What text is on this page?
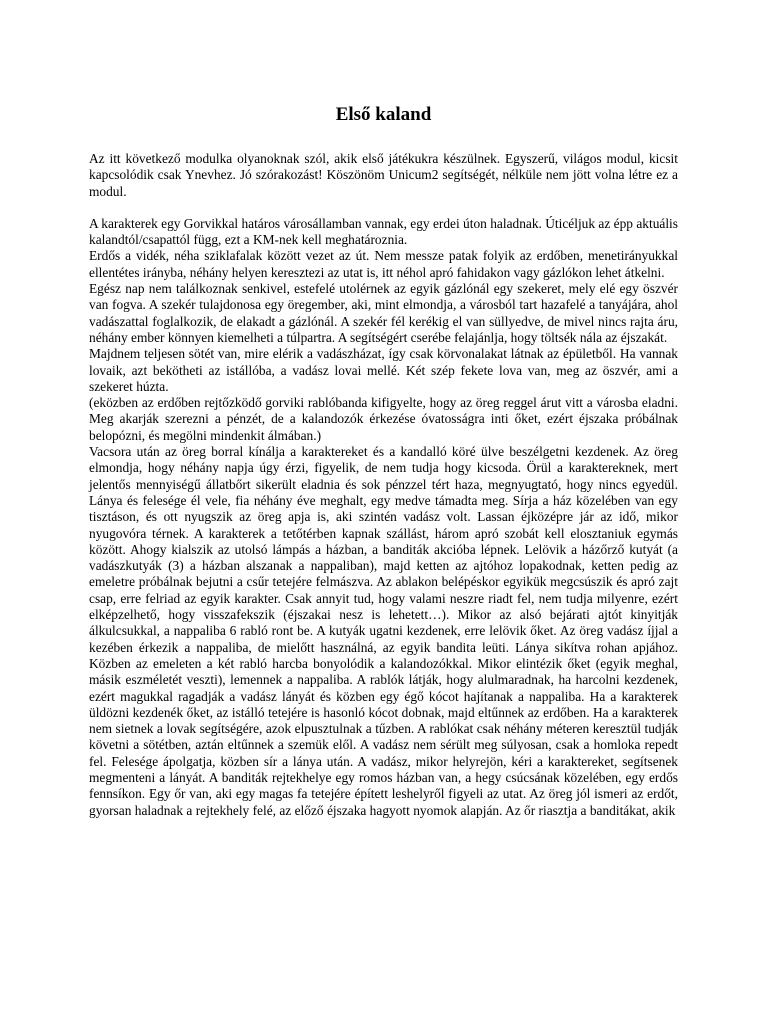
Első kaland

Az itt következő modulka olyanoknak szól, akik első játékukra készülnek. Egyszerű, világos modul, kicsit kapcsolódik csak Ynevhez. Jó szórakozást! Köszönöm Unicum2 segítségét, nélküle nem jött volna létre ez a modul.

A karakterek egy Gorvikkal határos városállamban vannak, egy erdei úton haladnak. Úticéljuk az épp aktuális kalandtól/csapattól függ, ezt a KM-nek kell meghatároznia.

Erdős a vidék, néha sziklafalak között vezet az út. Nem messze patak folyik az erdőben, menetirányukkal ellentétes irányba, néhány helyen keresztezi az utat is, itt néhol apró fahidakon vagy gázlókon lehet átkelni.

Egész nap nem találkoznak senkivel, estefelé utolérnek az egyik gázlónál egy szekeret, mely elé egy öszvér van fogva. A szekér tulajdonosa egy öregember, aki, mint elmondja, a városból tart hazafelé a tanyájára, ahol vadászattal foglalkozik, de elakadt a gázlónál. A szekér fél kerékig el van süllyedve, de mivel nincs rajta áru, néhány ember könnyen kiemelheti a túlpartra. A segítségért cserébe felajánlja, hogy töltsék nála az éjszakát.

Majdnem teljesen sötét van, mire elérik a vadászházat, így csak körvonalakat látnak az épületből. Ha vannak lovaik, azt bekötheti az istállóba, a vadász lovai mellé. Két szép fekete lova van, meg az öszvér, ami a szekeret húzta.

(eközben az erdőben rejtőzködő gorviki rablóbanda kifigyelte, hogy az öreg reggel árut vitt a városba eladni. Meg akarják szerezni a pénzét, de a kalandozók érkezése óvatosságra inti őket, ezért éjszaka próbálnak belopózni, és megölni mindenkit álmában.)

Vacsora után az öreg borral kínálja a karaktereket és a kandalló köré ülve beszélgetni kezdenek. Az öreg elmondja, hogy néhány napja úgy érzi, figyelik, de nem tudja hogy kicsoda. Örül a karaktereknek, mert jelentős mennyiségű állatbőrt sikerült eladnia és sok pénzzel tért haza, megnyugtató, hogy nincs egyedül. Lánya és felesége él vele, fia néhány éve meghalt, egy medve támadta meg. Sírja a ház közelében van egy tisztáson, és ott nyugszik az öreg apja is, aki szintén vadász volt. Lassan éjközépre jár az idő, mikor nyugovóra térnek. A karakterek a tetőtérben kapnak szállást, három apró szobát kell elosztaniuk egymás között. Ahogy kialszik az utolsó lámpás a házban, a banditák akcióba lépnek. Lelövik a házőrző kutyát (a vadászkutyák (3) a házban alszanak a nappaliban), majd ketten az ajtóhoz lopakodnak, ketten pedig az emeletre próbálnak bejutni a csűr tetejére felmászva. Az ablakon belépéskor egyikük megcsúszik és apró zajt csap, erre felriad az egyik karakter. Csak annyit tud, hogy valami neszre riadt fel, nem tudja milyenre, ezért elképzelhető, hogy visszafekszik (éjszakai nesz is lehetett…). Mikor az alsó bejárati ajtót kinyitják álkulcsukkal, a nappaliba 6 rabló ront be. A kutyák ugatni kezdenek, erre lelövik őket. Az öreg vadász íjjal a kezében érkezik a nappaliba, de mielőtt használná, az egyik bandita leüti. Lánya sikítva rohan apjához. Közben az emeleten a két rabló harcba bonyolódik a kalandozókkal. Mikor elintézik őket (egyik meghal, másik eszméletét veszti), lemennek a nappaliba. A rablók látják, hogy alulmaradnak, ha harcolni kezdenek, ezért magukkal ragadják a vadász lányát és közben egy égő kócot hajítanak a nappaliba. Ha a karakterek üldözni kezdenék őket, az istálló tetejére is hasonló kócot dobnak, majd eltűnnek az erdőben. Ha a karakterek nem sietnek a lovak segítségére, azok elpusztulnak a tűzben. A rablókat csak néhány méteren keresztül tudják követni a sötétben, aztán eltűnnek a szemük elől. A vadász nem sérült meg súlyosan, csak a homloka repedt fel. Felesége ápolgatja, közben sír a lánya után. A vadász, mikor helyrejön, kéri a karaktereket, segítsenek megmenteni a lányát. A banditák rejtekhelye egy romos házban van, a hegy csúcsának közelében, egy erdős fennsíkon. Egy őr van, aki egy magas fa tetejére épített leshelyről figyeli az utat. Az öreg jól ismeri az erdőt, gyorsan haladnak a rejtekhely felé, az előző éjszaka hagyott nyomok alapján. Az őr riasztja a banditákat, akik
